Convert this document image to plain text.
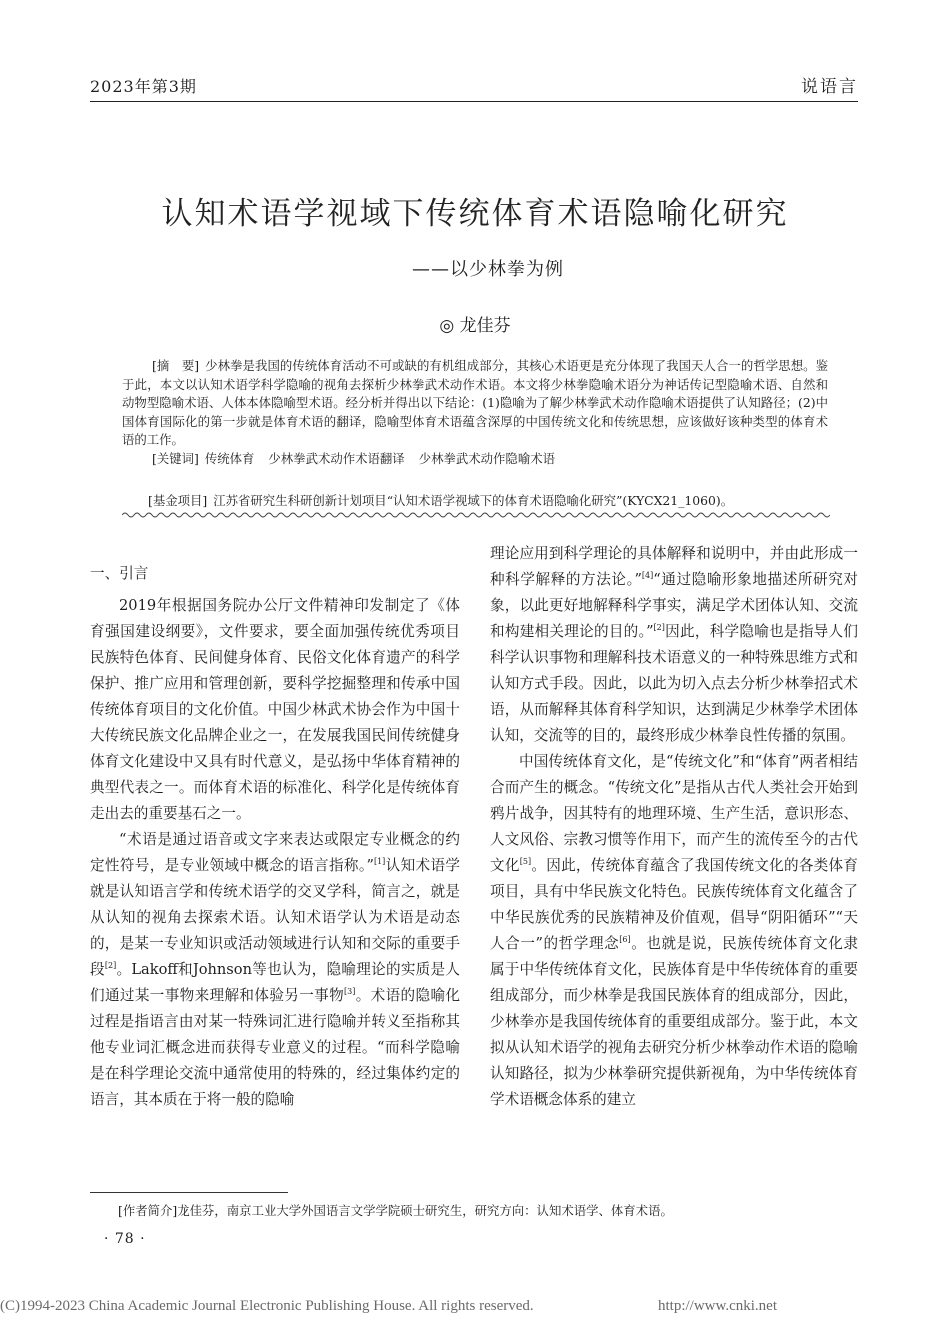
2023年第3期	说语言
认知术语学视域下传统体育术语隐喻化研究
——以少林拳为例
◎ 龙佳芬

[摘　要] 少林拳是我国的传统体育活动不可或缺的有机组成部分，其核心术语更是充分体现了我国天人合一的哲学思想。鉴于此，本文以认知术语学科学隐喻的视角去探析少林拳武术动作术语。本文将少林拳隐喻术语分为神话传记型隐喻术语、自然和动物型隐喻术语、人体本体隐喻型术语。经分析并得出以下结论：(1)隐喻为了解少林拳武术动作隐喻术语提供了认知路径；(2)中国体育国际化的第一步就是体育术语的翻译，隐喻型体育术语蕴含深厚的中国传统文化和传统思想，应该做好该种类型的体育术语的工作。

[关键词] 传统体育 少林拳武术动作术语翻译 少林拳武术动作隐喻术语

[基金项目] 江苏省研究生科研创新计划项目“认知术语学视域下的体育术语隐喻化研究”(KYCX21_1060)。

一、引言

2019年根据国务院办公厅文件精神印发制定了《体育强国建设纲要》，文件要求，要全面加强传统优秀项目民族特色体育、民间健身体育、民俗文化体育遗产的科学保护、推广应用和管理创新，要科学挖掘整理和传承中国传统体育项目的文化价值。中国少林武术协会作为中国十大传统民族文化品牌企业之一，在发展我国民间传统健身体育文化建设中又具有时代意义，是弘扬中华体育精神的典型代表之一。而体育术语的标准化、科学化是传统体育走出去的重要基石之一。

“术语是通过语音或文字来表达或限定专业概念的约定性符号，是专业领域中概念的语言指称。”[1]认知术语学就是认知语言学和传统术语学的交叉学科，简言之，就是从认知的视角去探索术语。认知术语学认为术语是动态的，是某一专业知识或活动领域进行认知和交际的重要手段[2]。Lakoff和Johnson等也认为，隐喻理论的实质是人们通过某一事物来理解和体验另一事物[3]。术语的隐喻化过程是指语言由对某一特殊词汇进行隐喻并转义至指称其他专业词汇概念进而获得专业意义的过程。“而科学隐喻是在科学理论交流中通常使用的特殊的，经过集体约定的语言，其本质在于将一般的隐喻

理论应用到科学理论的具体解释和说明中，并由此形成一种科学解释的方法论。”[4]“通过隐喻形象地描述所研究对象，以此更好地解释科学事实，满足学术团体认知、交流和构建相关理论的目的。”[2]因此，科学隐喻也是指导人们科学认识事物和理解科技术语意义的一种特殊思维方式和认知方式手段。因此，以此为切入点去分析少林拳招式术语，从而解释其体育科学知识，达到满足少林拳学术团体认知，交流等的目的，最终形成少林拳良性传播的氛围。

中国传统体育文化，是“传统文化”和“体育”两者相结合而产生的概念。“传统文化”是指从古代人类社会开始到鸦片战争，因其特有的地理环境、生产生活，意识形态、人文风俗、宗教习惯等作用下，而产生的流传至今的古代文化[5]。因此，传统体育蕴含了我国传统文化的各类体育项目，具有中华民族文化特色。民族传统体育文化蕴含了中华民族优秀的民族精神及价值观，倡导“阴阳循环”“天人合一”的哲学理念[6]。也就是说，民族传统体育文化隶属于中华传统体育文化，民族体育是中华传统体育的重要组成部分，而少林拳是我国民族体育的组成部分，因此，少林拳亦是我国传统体育的重要组成部分。鉴于此，本文拟从认知术语学的视角去研究分析少林拳动作术语的隐喻认知路径，拟为少林拳研究提供新视角，为中华传统体育学术语概念体系的建立

[作者简介]龙佳芬，南京工业大学外国语言文学学院硕士研究生，研究方向：认知术语学、体育术语。
· 78 ·
(C)1994-2023 China Academic Journal Electronic Publishing House. All rights reserved.	http://www.cnki.net
